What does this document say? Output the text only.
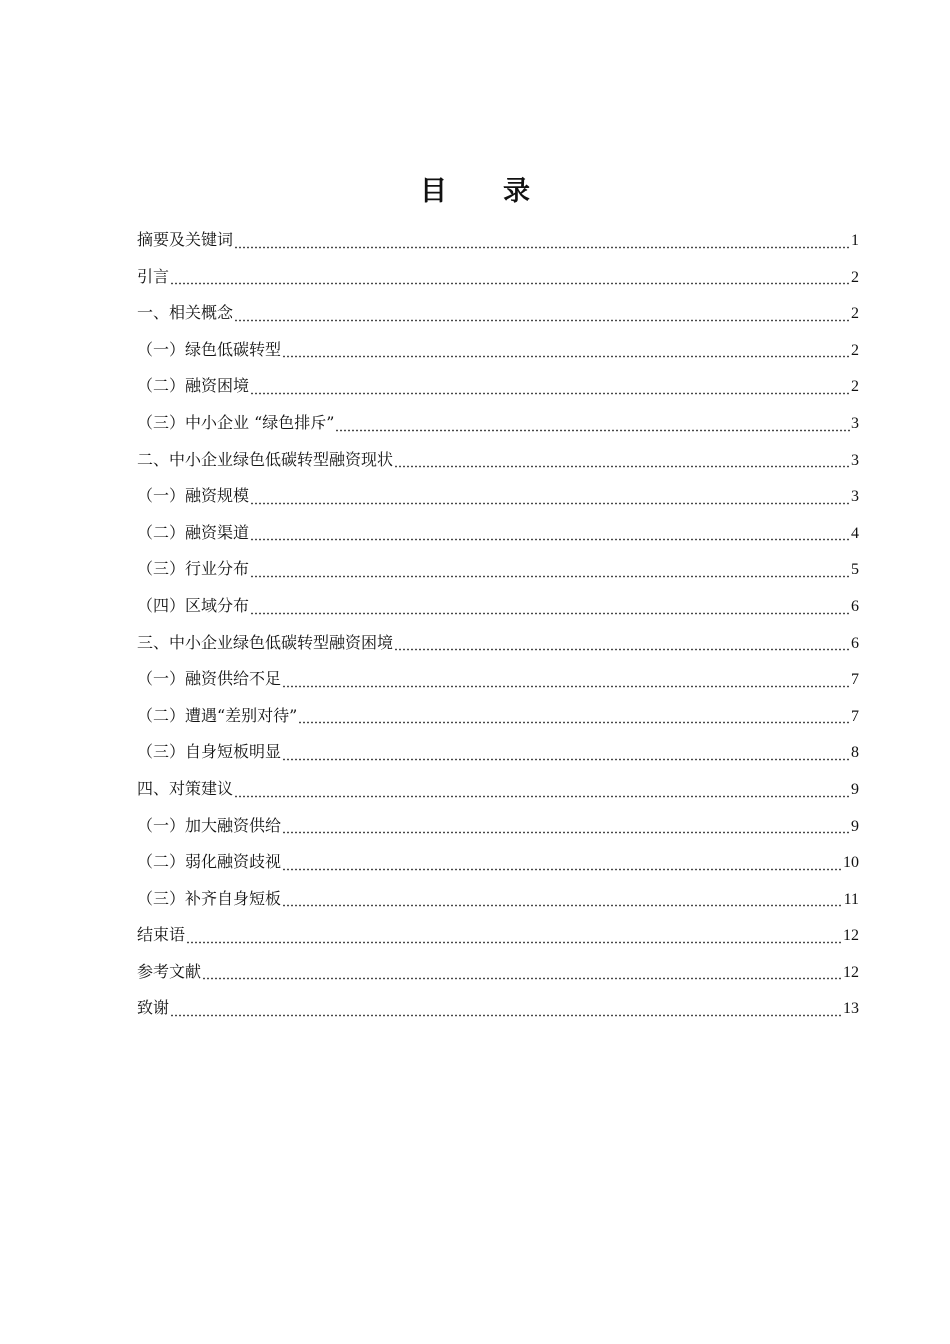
目录
摘要及关键词	1
引言	2
一、相关概念	2
（一）绿色低碳转型	2
（二）融资困境	2
（三）中小企业 “绿色排斥”	3
二、中小企业绿色低碳转型融资现状	3
（一）融资规模	3
（二）融资渠道	4
（三）行业分布	5
（四）区域分布	6
三、中小企业绿色低碳转型融资困境	6
（一）融资供给不足	7
（二）遭遇“差别对待”	7
（三）自身短板明显	8
四、对策建议	9
（一）加大融资供给	9
（二）弱化融资歧视	10
（三）补齐自身短板	11
结束语	12
参考文献	12
致谢	13
